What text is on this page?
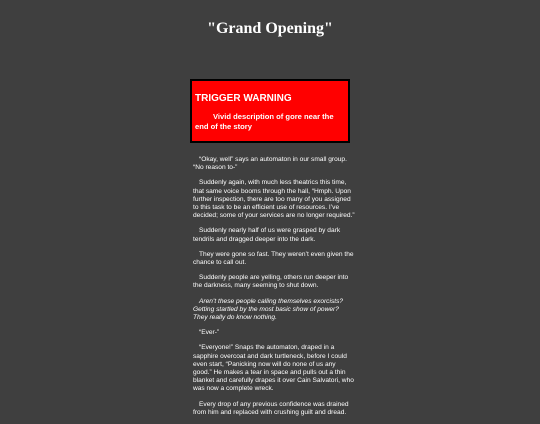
"Grand Opening"
TRIGGER WARNING
Vivid description of gore near the end of the story

“Okay, well” says an automaton in our small group. “No reason to-”

Suddenly again, with much less theatrics this time, that same voice booms through the hall, “Hmph. Upon further inspection, there are too many of you assigned to this task to be an efficient use of resources. I’ve decided; some of your services are no longer required.”

Suddenly nearly half of us were grasped by dark tendrils and dragged deeper into the dark.

They were gone so fast. They weren’t even given the chance to call out.

Suddenly people are yelling, others run deeper into the darkness, many seeming to shut down.

Aren’t these people calling themselves exorcists? Getting startled by the most basic show of power? They really do know nothing.

“Ever-”

“Everyone!” Snaps the automaton, draped in a sapphire overcoat and dark turtleneck, before I could even start, “Panicking now will do none of us any good.” He makes a tear in space and pulls out a thin blanket and carefully drapes it over Cain Salvatori, who was now a complete wreck.

Every drop of any previous confidence was drained from him and replaced with crushing guilt and dread.
